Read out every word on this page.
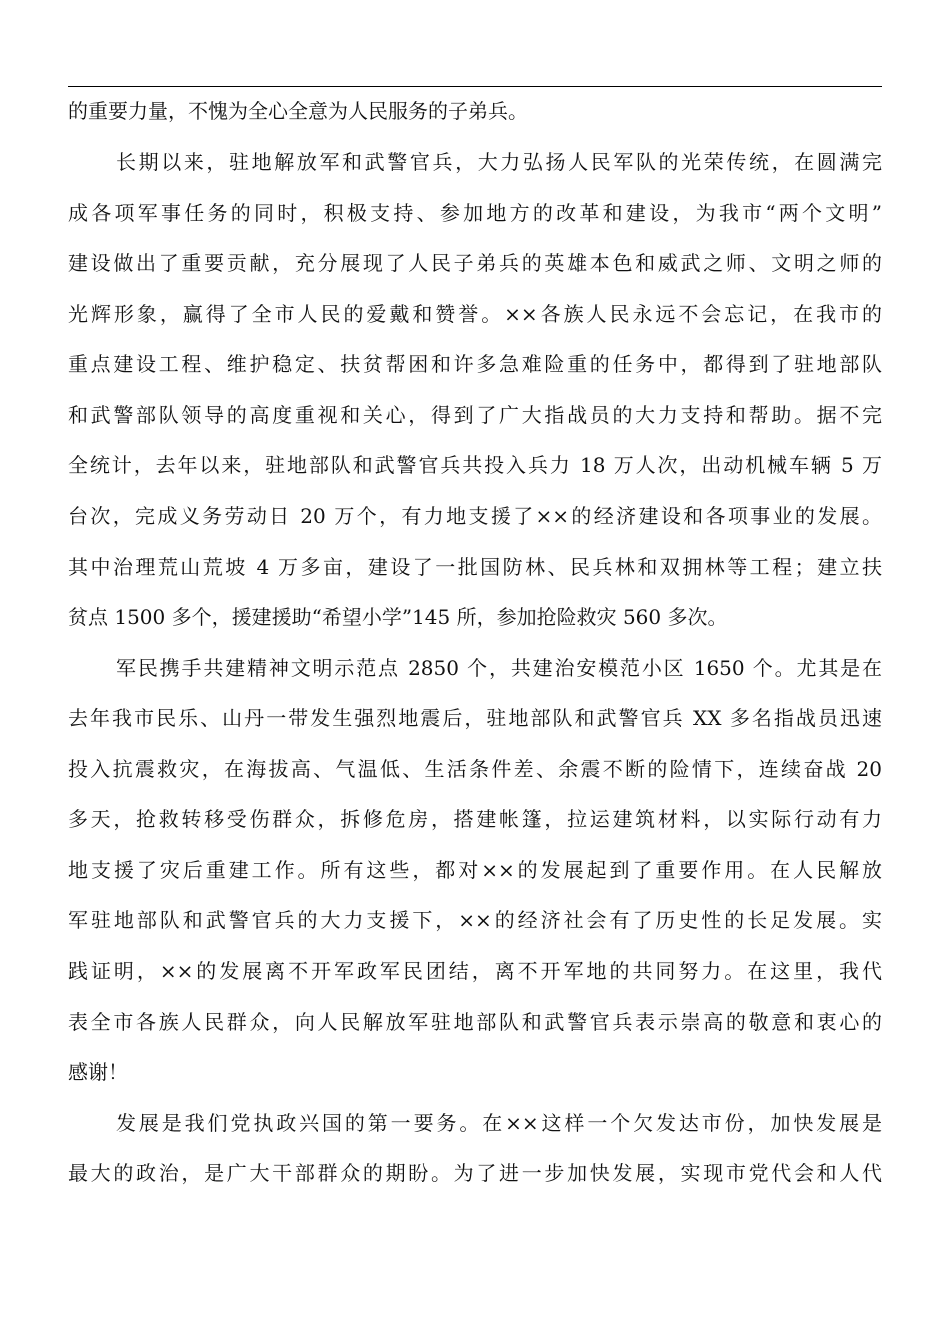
的重要力量，不愧为全心全意为人民服务的子弟兵。
长期以来，驻地解放军和武警官兵，大力弘扬人民军队的光荣传统，在圆满完
成各项军事任务的同时，积极支持、参加地方的改革和建设，为我市“两个文明”
建设做出了重要贡献，充分展现了人民子弟兵的英雄本色和威武之师、文明之师的
光辉形象，赢得了全市人民的爱戴和赞誉。××各族人民永远不会忘记，在我市的
重点建设工程、维护稳定、扶贫帮困和许多急难险重的任务中，都得到了驻地部队
和武警部队领导的高度重视和关心，得到了广大指战员的大力支持和帮助。据不完
全统计，去年以来，驻地部队和武警官兵共投入兵力 18 万人次，出动机械车辆 5 万
台次，完成义务劳动日 20 万个，有力地支援了××的经济建设和各项事业的发展。
其中治理荒山荒坡 4 万多亩，建设了一批国防林、民兵林和双拥林等工程；建立扶
贫点 1500 多个，援建援助“希望小学”145 所，参加抢险救灾 560 多次。
军民携手共建精神文明示范点 2850 个，共建治安模范小区 1650 个。尤其是在
去年我市民乐、山丹一带发生强烈地震后，驻地部队和武警官兵 XX 多名指战员迅速
投入抗震救灾，在海拔高、气温低、生活条件差、余震不断的险情下，连续奋战 20
多天，抢救转移受伤群众，拆修危房，搭建帐篷，拉运建筑材料，以实际行动有力
地支援了灾后重建工作。所有这些，都对××的发展起到了重要作用。在人民解放
军驻地部队和武警官兵的大力支援下，××的经济社会有了历史性的长足发展。实
践证明，××的发展离不开军政军民团结，离不开军地的共同努力。在这里，我代
表全市各族人民群众，向人民解放军驻地部队和武警官兵表示崇高的敬意和衷心的
感谢！
发展是我们党执政兴国的第一要务。在××这样一个欠发达市份，加快发展是
最大的政治，是广大干部群众的期盼。为了进一步加快发展，实现市党代会和人代
